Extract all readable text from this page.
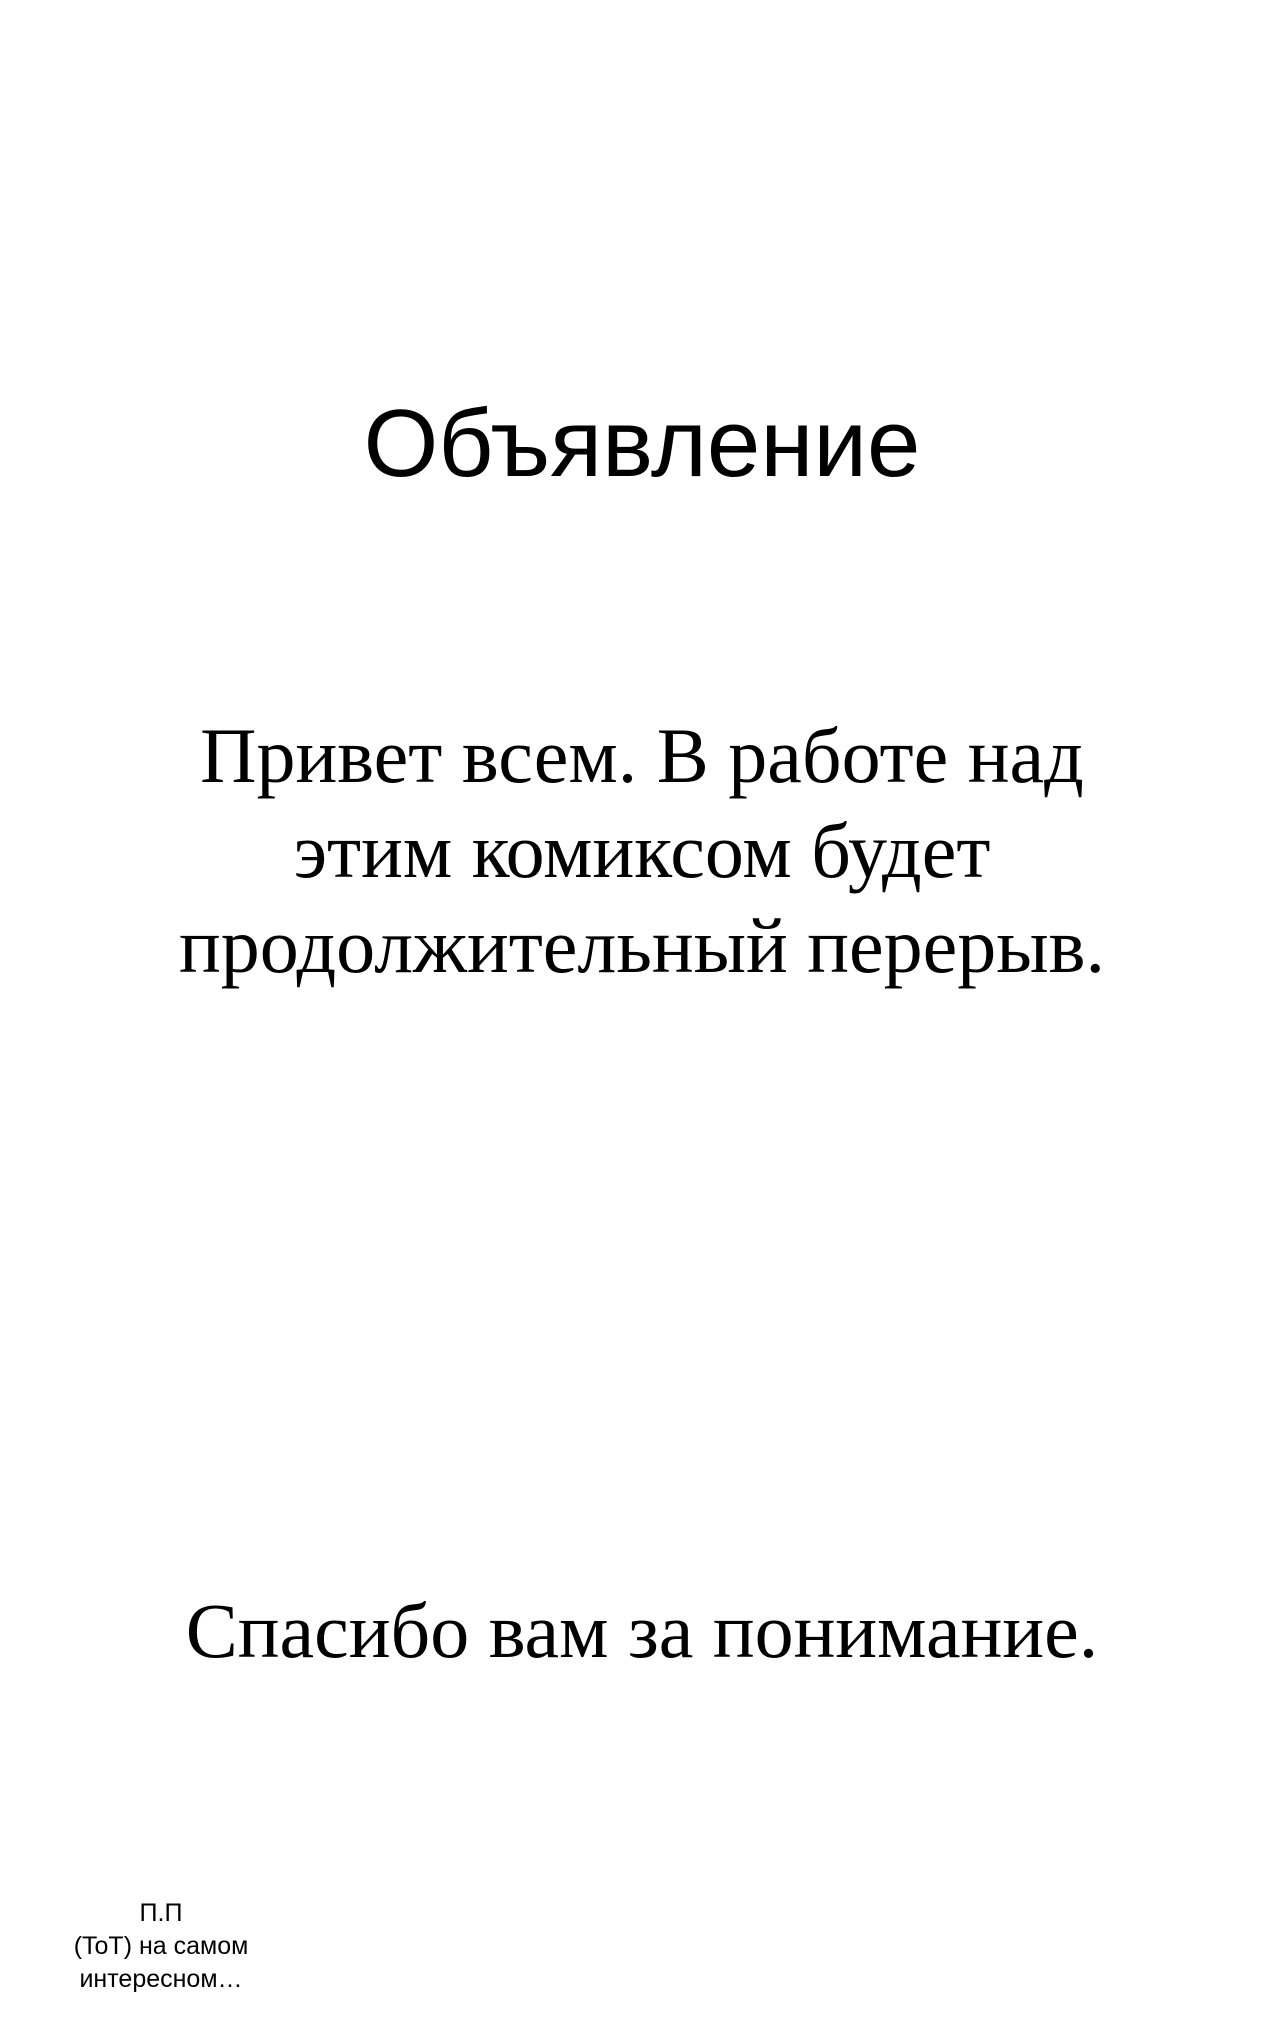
Объявление

Привет всем. В работе над этим комиксом будет продолжительный перерыв.

Спасибо вам за понимание.

П.П
(ToT) на самом
интересном…
